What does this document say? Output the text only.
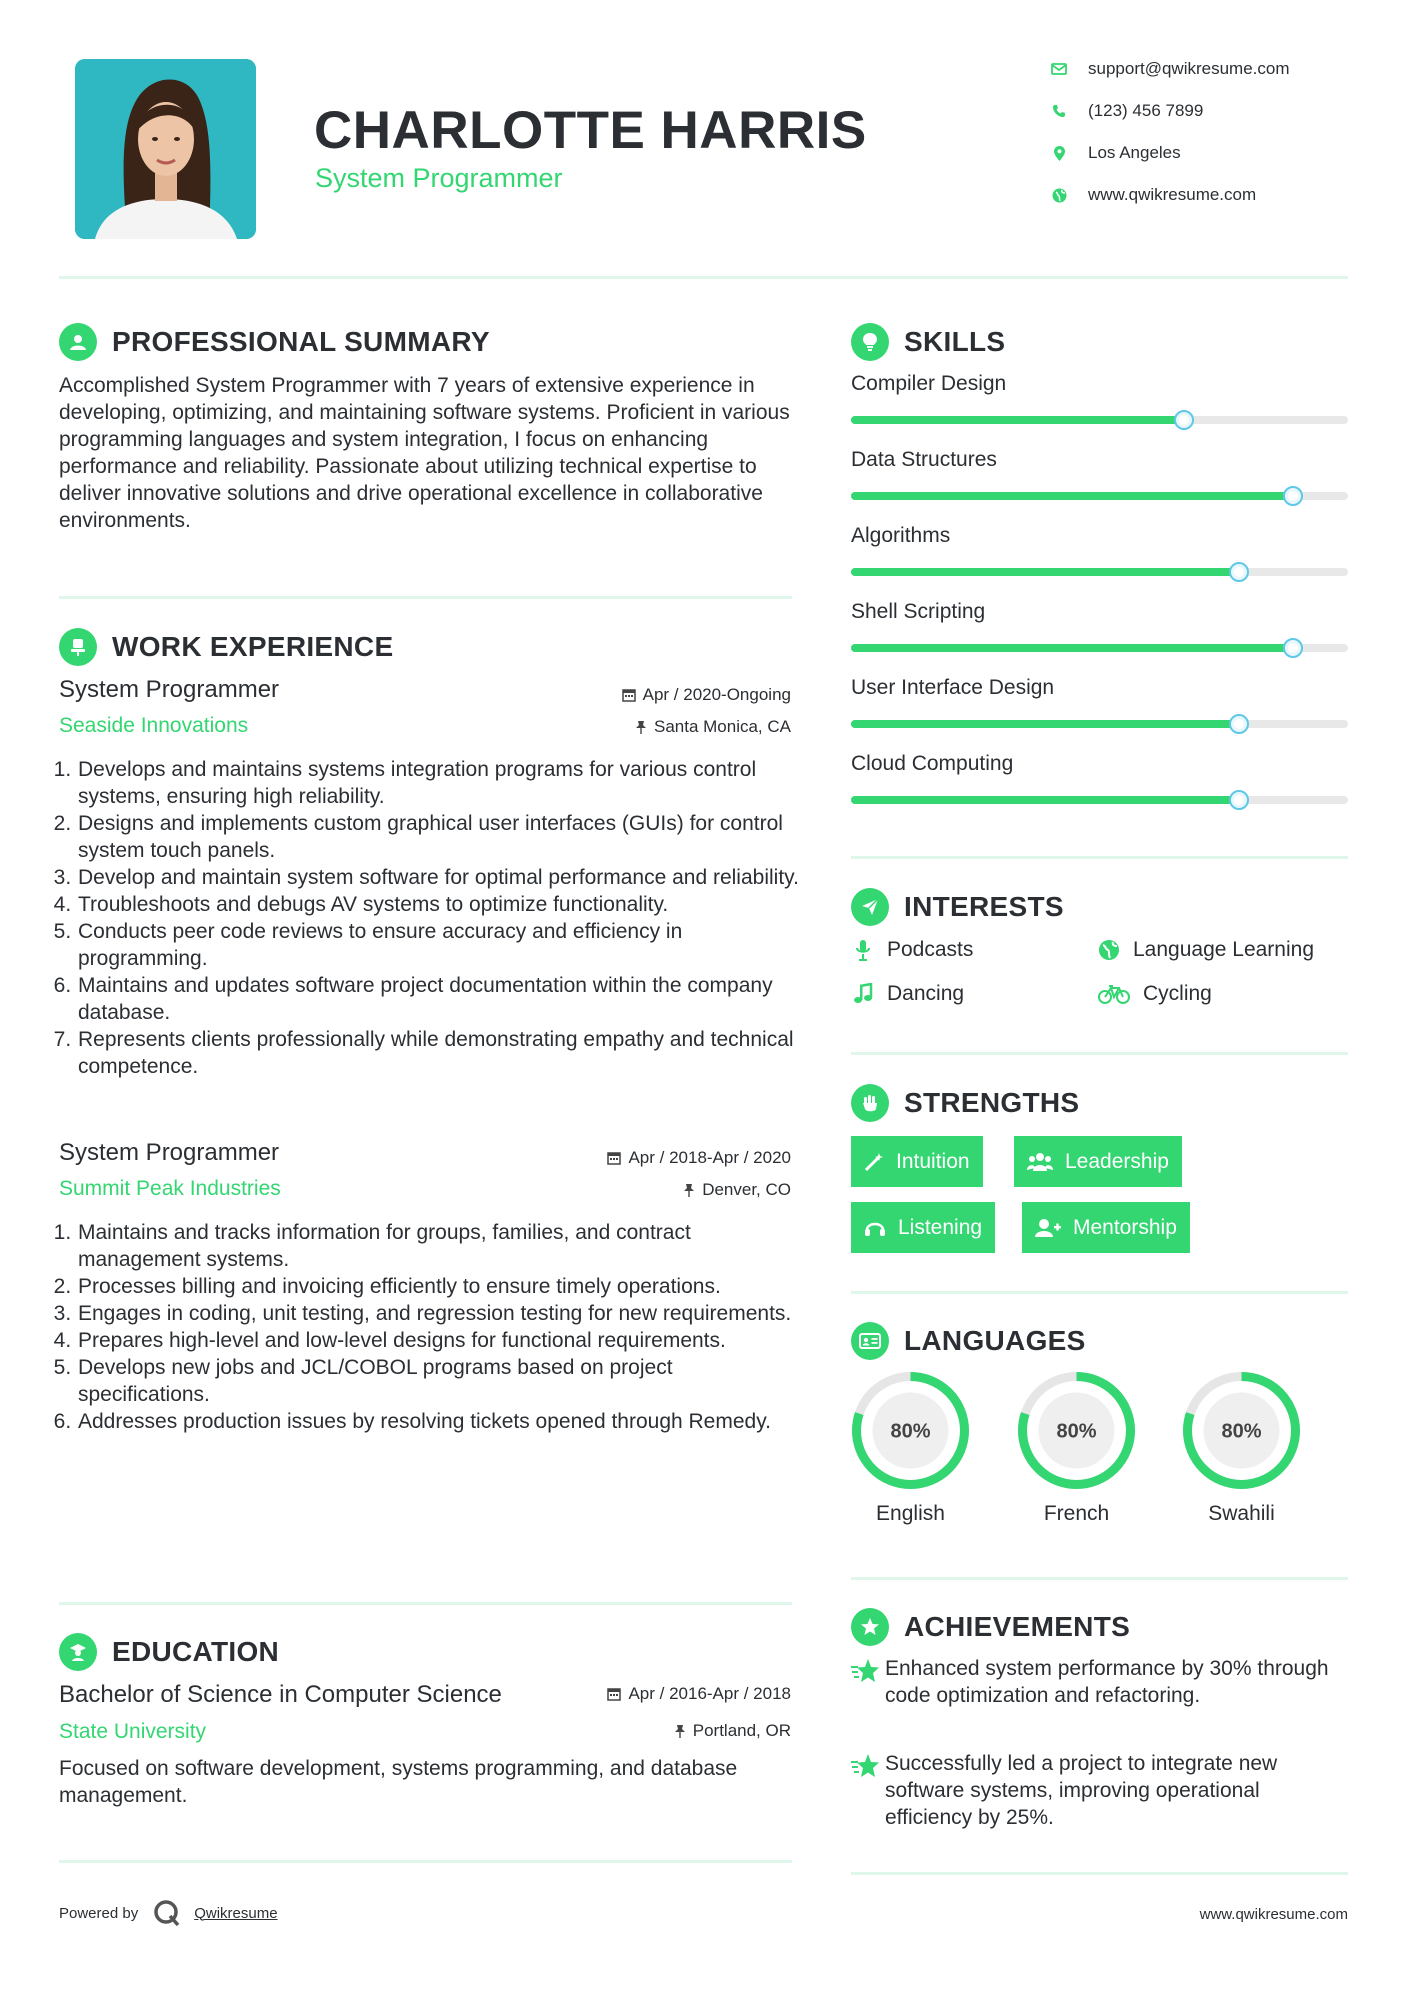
CHARLOTTE HARRIS
System Programmer
support@qwikresume.com
(123) 456 7899
Los Angeles
www.qwikresume.com
PROFESSIONAL SUMMARY
Accomplished System Programmer with 7 years of extensive experience in developing, optimizing, and maintaining software systems. Proficient in various programming languages and system integration, I focus on enhancing performance and reliability. Passionate about utilizing technical expertise to deliver innovative solutions and drive operational excellence in collaborative environments.
WORK EXPERIENCE
System Programmer	Apr / 2020-Ongoing
Seaside Innovations	Santa Monica, CA
1. Develops and maintains systems integration programs for various control systems, ensuring high reliability.
2. Designs and implements custom graphical user interfaces (GUIs) for control system touch panels.
3. Develop and maintain system software for optimal performance and reliability.
4. Troubleshoots and debugs AV systems to optimize functionality.
5. Conducts peer code reviews to ensure accuracy and efficiency in programming.
6. Maintains and updates software project documentation within the company database.
7. Represents clients professionally while demonstrating empathy and technical competence.
System Programmer	Apr / 2018-Apr / 2020
Summit Peak Industries	Denver, CO
1. Maintains and tracks information for groups, families, and contract management systems.
2. Processes billing and invoicing efficiently to ensure timely operations.
3. Engages in coding, unit testing, and regression testing for new requirements.
4. Prepares high-level and low-level designs for functional requirements.
5. Develops new jobs and JCL/COBOL programs based on project specifications.
6. Addresses production issues by resolving tickets opened through Remedy.
EDUCATION
Bachelor of Science in Computer Science	Apr / 2016-Apr / 2018
State University	Portland, OR
Focused on software development, systems programming, and database management.
SKILLS
Compiler Design
Data Structures
Algorithms
Shell Scripting
User Interface Design
Cloud Computing
INTERESTS
Podcasts	Language Learning
Dancing	Cycling
STRENGTHS
Intuition	Leadership
Listening	Mentorship
LANGUAGES
80%
English
80%
French
80%
Swahili
ACHIEVEMENTS
Enhanced system performance by 30% through code optimization and refactoring.
Successfully led a project to integrate new software systems, improving operational efficiency by 25%.
Powered by	Qwikresume	www.qwikresume.com
